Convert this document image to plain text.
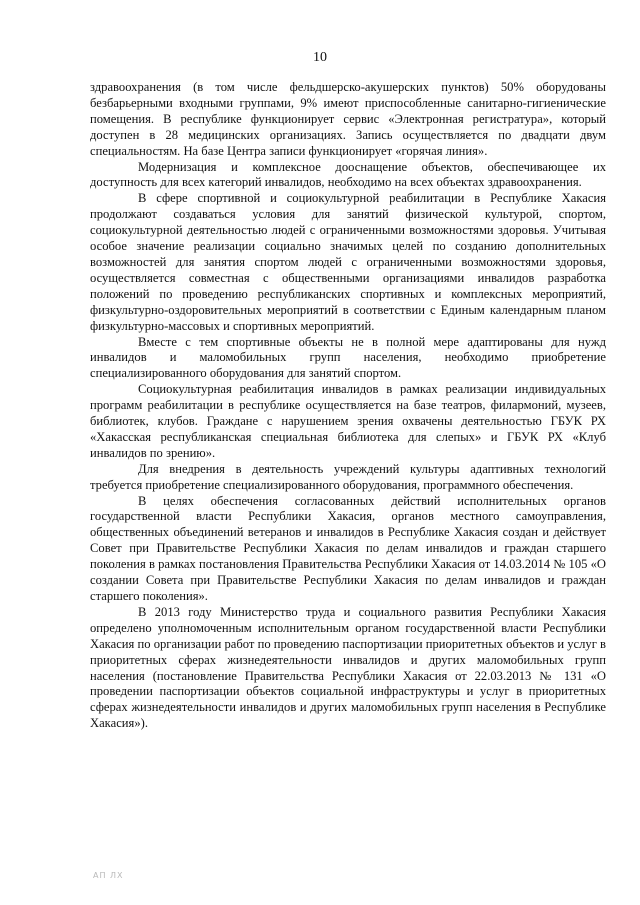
10

здравоохранения (в том числе фельдшерско-акушерских пунктов) 50% оборудованы безбарьерными входными группами, 9% имеют приспособленные санитарно-гигиенические помещения. В республике функционирует сервис «Электронная регистратура», который доступен в 28 медицинских организациях. Запись осуществляется по двадцати двум специальностям. На базе Центра записи функционирует «горячая линия».

Модернизация и комплексное дооснащение объектов, обеспечивающее их доступность для всех категорий инвалидов, необходимо на всех объектах здравоохранения.

В сфере спортивной и социокультурной реабилитации в Республике Хакасия продолжают создаваться условия для занятий физической культурой, спортом, социокультурной деятельностью людей с ограниченными возможностями здоровья. Учитывая особое значение реализации социально значимых целей по созданию дополнительных возможностей для занятия спортом людей с ограниченными возможностями здоровья, осуществляется совместная с общественными организациями инвалидов разработка положений по проведению республиканских спортивных и комплексных мероприятий, физкультурно-оздоровительных мероприятий в соответствии с Единым календарным планом физкультурно-массовых и спортивных мероприятий.

Вместе с тем спортивные объекты не в полной мере адаптированы для нужд инвалидов и маломобильных групп населения, необходимо приобретение специализированного оборудования для занятий спортом.

Социокультурная реабилитация инвалидов в рамках реализации индивидуальных программ реабилитации в республике осуществляется на базе театров, филармоний, музеев, библиотек, клубов. Граждане с нарушением зрения охвачены деятельностью ГБУК РХ «Хакасская республиканская специальная библиотека для слепых» и ГБУК РХ «Клуб инвалидов по зрению».

Для внедрения в деятельность учреждений культуры адаптивных технологий требуется приобретение специализированного оборудования, программного обеспечения.

В целях обеспечения согласованных действий исполнительных органов государственной власти Республики Хакасия, органов местного самоуправления, общественных объединений ветеранов и инвалидов в Республике Хакасия создан и действует Совет при Правительстве Республики Хакасия по делам инвалидов и граждан старшего поколения в рамках постановления Правительства Республики Хакасия от 14.03.2014 № 105 «О создании Совета при Правительстве Республики Хакасия по делам инвалидов и граждан старшего поколения».

В 2013 году Министерство труда и социального развития Республики Хакасия определено уполномоченным исполнительным органом государственной власти Республики Хакасия по организации работ по проведению паспортизации приоритетных объектов и услуг в приоритетных сферах жизнедеятельности инвалидов и других маломобильных групп населения (постановление Правительства Республики Хакасия от 22.03.2013 № 131 «О проведении паспортизации объектов социальной инфраструктуры и услуг в приоритетных сферах жизнедеятельности инвалидов и других маломобильных групп населения в Республике Хакасия»).

АП ЛХ
